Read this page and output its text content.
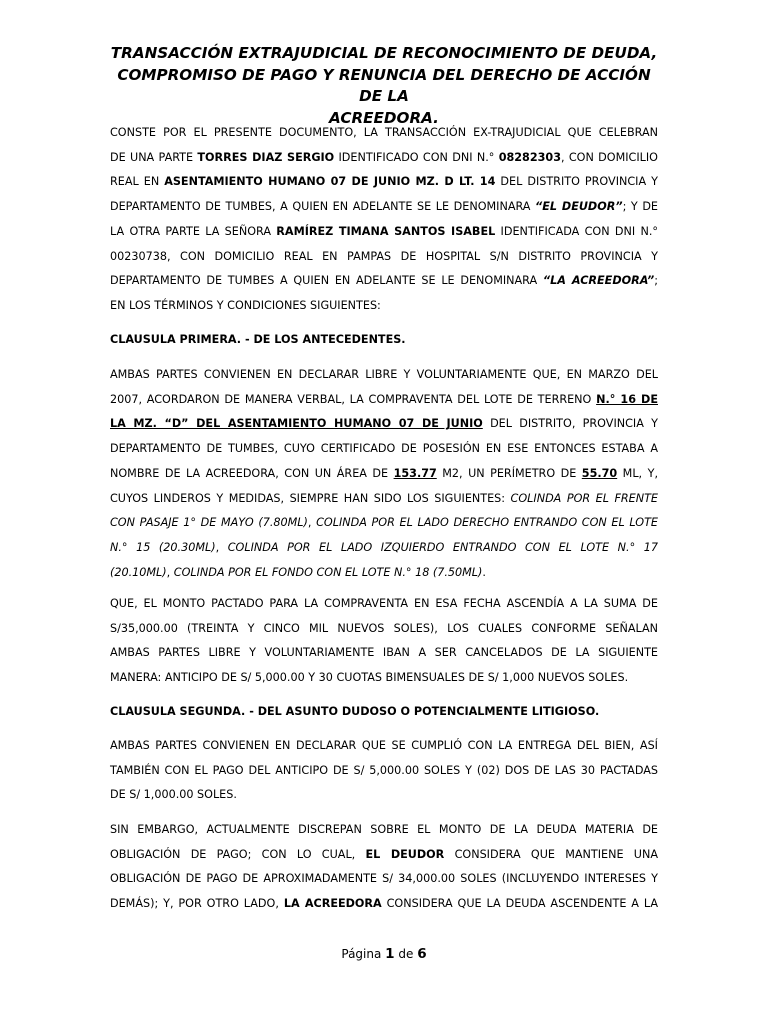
TRANSACCIÓN EXTRAJUDICIAL DE RECONOCIMIENTO DE DEUDA,
COMPROMISO DE PAGO Y RENUNCIA DEL DERECHO DE ACCIÓN DE LA
ACREEDORA.

CONSTE POR EL PRESENTE DOCUMENTO, LA TRANSACCIÓN EX-TRAJUDICIAL QUE CELEBRAN
DE UNA PARTE TORRES DIAZ SERGIO IDENTIFICADO CON DNI N.° 08282303, CON DOMICILIO
REAL EN ASENTAMIENTO HUMANO 07 DE JUNIO MZ. D LT. 14 DEL DISTRITO PROVINCIA Y
DEPARTAMENTO DE TUMBES, A QUIEN EN ADELANTE SE LE DENOMINARA “EL DEUDOR”; Y DE
LA OTRA PARTE LA SEÑORA RAMÍREZ TIMANA SANTOS ISABEL IDENTIFICADA CON DNI N.°
00230738, CON DOMICILIO REAL EN PAMPAS DE HOSPITAL S/N DISTRITO PROVINCIA Y
DEPARTAMENTO DE TUMBES A QUIEN EN ADELANTE SE LE DENOMINARA “LA ACREEDORA”;
EN LOS TÉRMINOS Y CONDICIONES SIGUIENTES:

CLAUSULA PRIMERA. - DE LOS ANTECEDENTES.

AMBAS PARTES CONVIENEN EN DECLARAR LIBRE Y VOLUNTARIAMENTE QUE, EN MARZO DEL
2007, ACORDARON DE MANERA VERBAL, LA COMPRAVENTA DEL LOTE DE TERRENO N.° 16 DE
LA MZ. “D” DEL ASENTAMIENTO HUMANO 07 DE JUNIO DEL DISTRITO, PROVINCIA Y
DEPARTAMENTO DE TUMBES, CUYO CERTIFICADO DE POSESIÓN EN ESE ENTONCES ESTABA A
NOMBRE DE LA ACREEDORA, CON UN ÁREA DE 153.77 M2, UN PERÍMETRO DE 55.70 ML, Y,
CUYOS LINDEROS Y MEDIDAS, SIEMPRE HAN SIDO LOS SIGUIENTES: COLINDA POR EL FRENTE
CON PASAJE 1° DE MAYO (7.80ML), COLINDA POR EL LADO DERECHO ENTRANDO CON EL LOTE
N.° 15 (20.30ML), COLINDA POR EL LADO IZQUIERDO ENTRANDO CON EL LOTE N.° 17
(20.10ML), COLINDA POR EL FONDO CON EL LOTE N.° 18 (7.50ML).

QUE, EL MONTO PACTADO PARA LA COMPRAVENTA EN ESA FECHA ASCENDÍA A LA SUMA DE
S/35,000.00 (TREINTA Y CINCO MIL NUEVOS SOLES), LOS CUALES CONFORME SEÑALAN
AMBAS PARTES LIBRE Y VOLUNTARIAMENTE IBAN A SER CANCELADOS DE LA SIGUIENTE
MANERA: ANTICIPO DE S/ 5,000.00 Y 30 CUOTAS BIMENSUALES DE S/ 1,000 NUEVOS SOLES.

CLAUSULA SEGUNDA. - DEL ASUNTO DUDOSO O POTENCIALMENTE LITIGIOSO.

AMBAS PARTES CONVIENEN EN DECLARAR QUE SE CUMPLIÓ CON LA ENTREGA DEL BIEN, ASÍ
TAMBIÉN CON EL PAGO DEL ANTICIPO DE S/ 5,000.00 SOLES Y (02) DOS DE LAS 30 PACTADAS
DE S/ 1,000.00 SOLES.

SIN EMBARGO, ACTUALMENTE DISCREPAN SOBRE EL MONTO DE LA DEUDA MATERIA DE
OBLIGACIÓN DE PAGO; CON LO CUAL, EL DEUDOR CONSIDERA QUE MANTIENE UNA
OBLIGACIÓN DE PAGO DE APROXIMADAMENTE S/ 34,000.00 SOLES (INCLUYENDO INTERESES Y
DEMÁS); Y, POR OTRO LADO, LA ACREEDORA CONSIDERA QUE LA DEUDA ASCENDENTE A LA

Página 1 de 6
